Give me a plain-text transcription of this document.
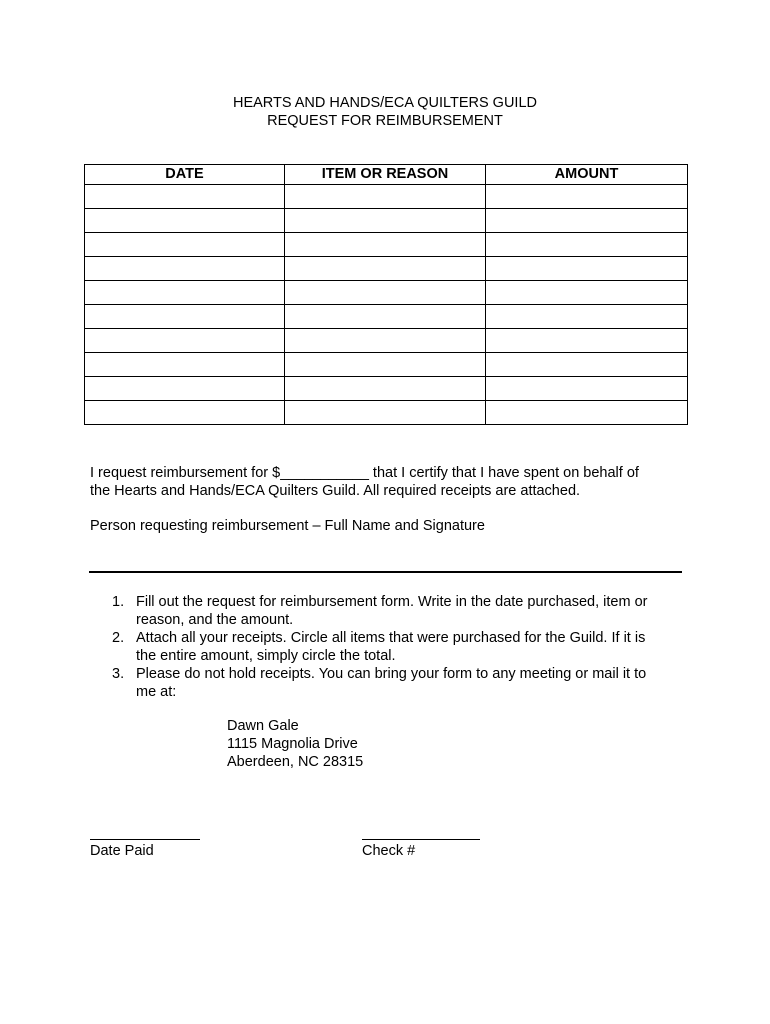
HEARTS AND HANDS/ECA QUILTERS GUILD
REQUEST FOR REIMBURSEMENT
DATE	ITEM OR REASON	AMOUNT

I request reimbursement for $___________ that I certify that I have spent on behalf of
the Hearts and Hands/ECA Quilters Guild. All required receipts are attached.
Person requesting reimbursement – Full Name and Signature
1. Fill out the request for reimbursement form. Write in the date purchased, item or
reason, and the amount.
2. Attach all your receipts. Circle all items that were purchased for the Guild. If it is
the entire amount, simply circle the total.
3. Please do not hold receipts. You can bring your form to any meeting or mail it to
me at:
Dawn Gale
1115 Magnolia Drive
Aberdeen, NC 28315
Date Paid	Check #
